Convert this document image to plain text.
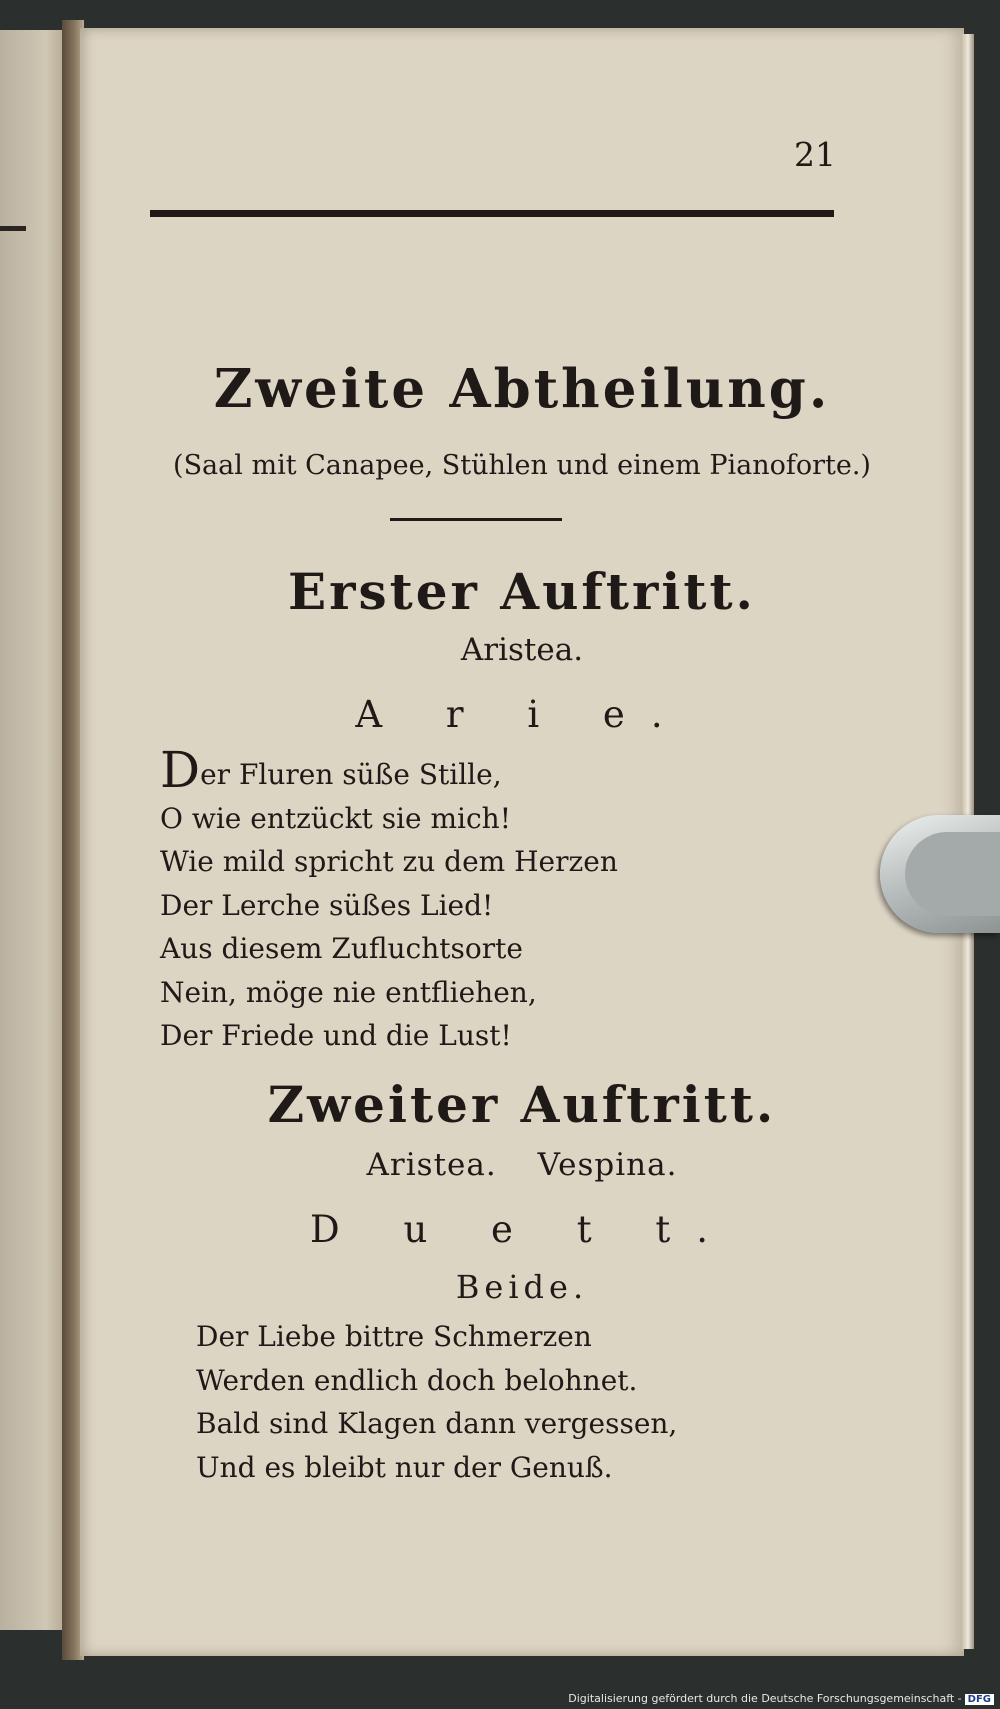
21
Zweite Abtheilung.
(Saal mit Canapee, Stühlen und einem Pianoforte.)
Erster Auftritt.
Aristea.
A r i e.
Der Fluren süße Stille,
O wie entzückt sie mich!
Wie mild spricht zu dem Herzen
Der Lerche süßes Lied!
Aus diesem Zufluchtsorte
Nein, möge nie entfliehen,
Der Friede und die Lust!
Zweiter Auftritt.
Aristea. Vespina.
D u e t t.
Beide.
Der Liebe bittre Schmerzen
Werden endlich doch belohnet.
Bald sind Klagen dann vergessen,
Und es bleibt nur der Genuß.
Digitalisierung gefördert durch die Deutsche Forschungsgemeinschaft - DFG
